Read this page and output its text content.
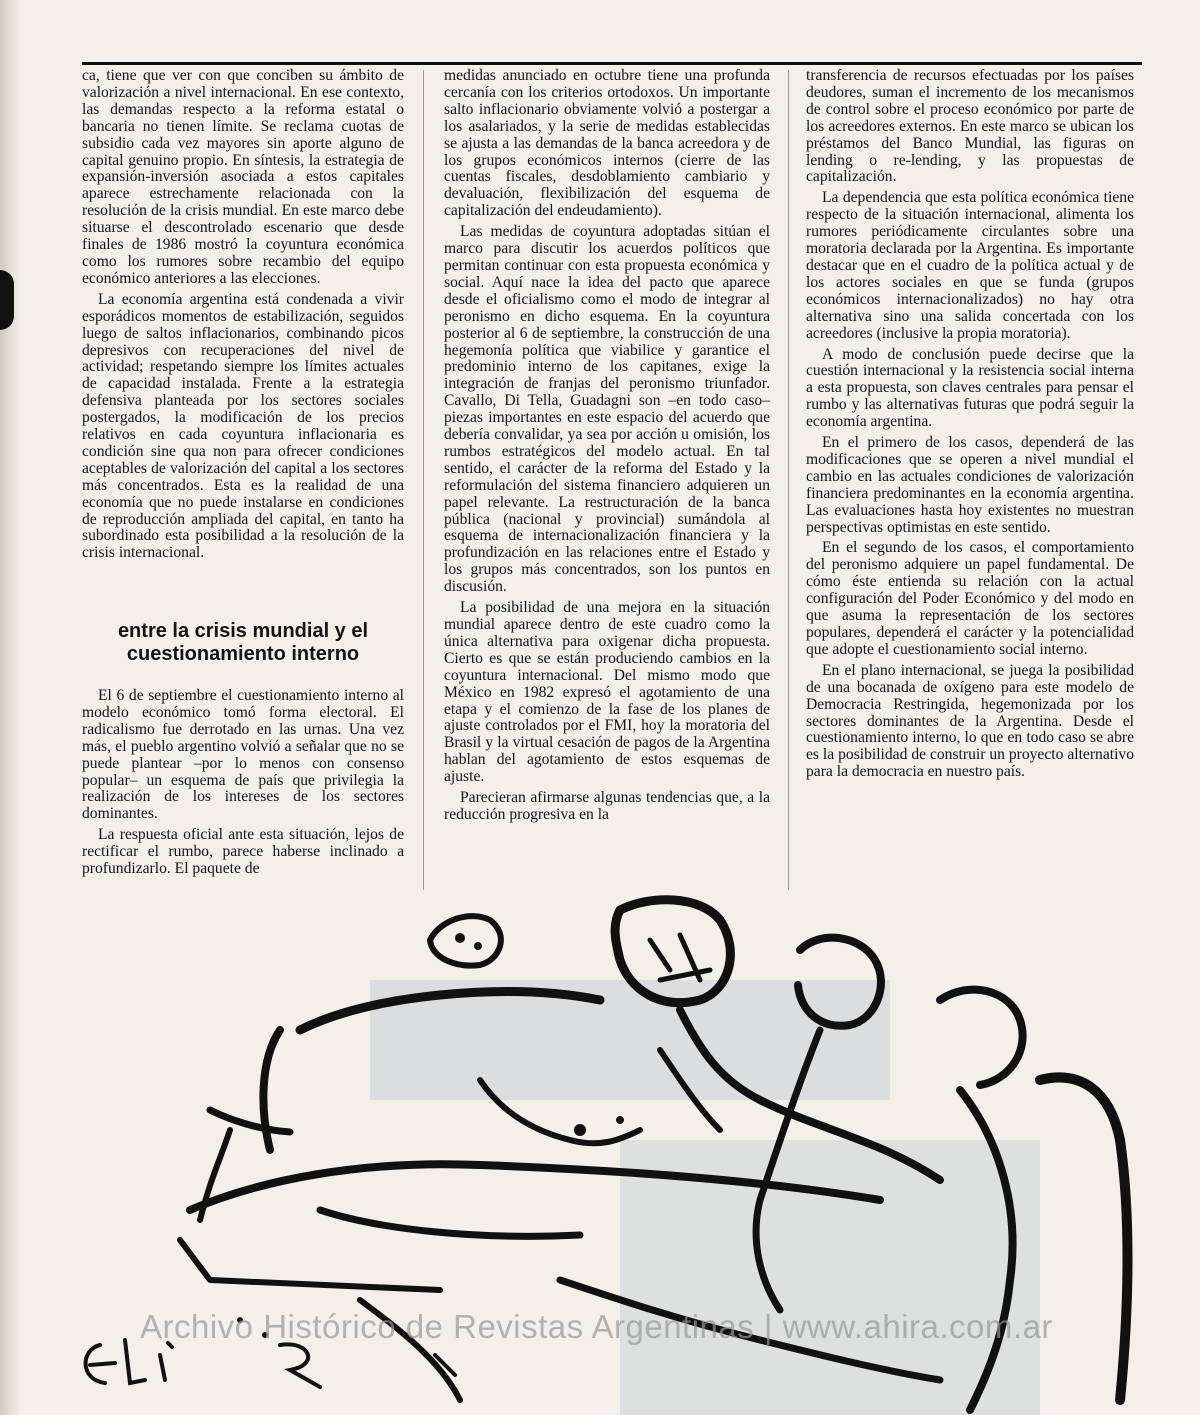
ca, tiene que ver con que conciben su ámbito de valorización a nivel internacional. En ese contexto, las demandas respecto a la reforma estatal o bancaria no tienen límite. Se reclama cuotas de subsidio cada vez mayores sin aporte alguno de capital genuino propio. En síntesis, la estrategia de expansión-inversión asociada a estos capitales aparece estrechamente relacionada con la resolución de la crisis mundial. En este marco debe situarse el descontrolado escenario que desde finales de 1986 mostró la coyuntura económica como los rumores sobre recambio del equipo económico anteriores a las elecciones.

La economía argentina está condenada a vivir esporádicos momentos de estabilización, seguidos luego de saltos inflacionarios, combinando picos depresivos con recuperaciones del nivel de actividad; respetando siempre los límites actuales de capacidad instalada. Frente a la estrategia defensiva planteada por los sectores sociales postergados, la modificación de los precios relativos en cada coyuntura inflacionaria es condición sine qua non para ofrecer condiciones aceptables de valorización del capital a los sectores más concentrados. Esta es la realidad de una economía que no puede instalarse en condiciones de reproducción ampliada del capital, en tanto ha subordinado esta posibilidad a la resolución de la crisis internacional.

entre la crisis mundial y el cuestionamiento interno

El 6 de septiembre el cuestionamiento interno al modelo económico tomó forma electoral. El radicalismo fue derrotado en las urnas. Una vez más, el pueblo argentino volvió a señalar que no se puede plantear –por lo menos con consenso popular– un esquema de país que privilegia la realización de los intereses de los sectores dominantes.

La respuesta oficial ante esta situación, lejos de rectificar el rumbo, parece haberse inclinado a profundizarlo. El paquete de

medidas anunciado en octubre tiene una profunda cercanía con los criterios ortodoxos. Un importante salto inflacionario obviamente volvió a postergar a los asalariados, y la serie de medidas establecidas se ajusta a las demandas de la banca acreedora y de los grupos económicos internos (cierre de las cuentas fiscales, desdoblamiento cambiario y devaluación, flexibilización del esquema de capitalización del endeudamiento).

Las medidas de coyuntura adoptadas sitúan el marco para discutir los acuerdos políticos que permitan continuar con esta propuesta económica y social. Aquí nace la idea del pacto que aparece desde el oficialismo como el modo de integrar al peronismo en dicho esquema. En la coyuntura posterior al 6 de septiembre, la construcción de una hegemonía política que viabilice y garantice el predominio interno de los capitanes, exige la integración de franjas del peronismo triunfador. Cavallo, Di Tella, Guadagni son –en todo caso– piezas importantes en este espacio del acuerdo que debería convalidar, ya sea por acción u omisión, los rumbos estratégicos del modelo actual. En tal sentido, el carácter de la reforma del Estado y la reformulación del sistema financiero adquieren un papel relevante. La restructuración de la banca pública (nacional y provincial) sumándola al esquema de internacionalización financiera y la profundización en las relaciones entre el Estado y los grupos más concentrados, son los puntos en discusión.

La posibilidad de una mejora en la situación mundial aparece dentro de este cuadro como la única alternativa para oxigenar dicha propuesta. Cierto es que se están produciendo cambios en la coyuntura internacional. Del mismo modo que México en 1982 expresó el agotamiento de una etapa y el comienzo de la fase de los planes de ajuste controlados por el FMI, hoy la moratoria del Brasil y la virtual cesación de pagos de la Argentina hablan del agotamiento de estos esquemas de ajuste.

Parecieran afirmarse algunas tendencias que, a la reducción progresiva en la

transferencia de recursos efectuadas por los países deudores, suman el incremento de los mecanismos de control sobre el proceso económico por parte de los acreedores externos. En este marco se ubican los préstamos del Banco Mundial, las figuras on lending o re-lending, y las propuestas de capitalización.

La dependencia que esta política económica tiene respecto de la situación internacional, alimenta los rumores periódicamente circulantes sobre una moratoria declarada por la Argentina. Es importante destacar que en el cuadro de la política actual y de los actores sociales en que se funda (grupos económicos internacionalizados) no hay otra alternativa sino una salida concertada con los acreedores (inclusive la propia moratoria).

A modo de conclusión puede decirse que la cuestión internacional y la resistencia social interna a esta propuesta, son claves centrales para pensar el rumbo y las alternativas futuras que podrá seguir la economía argentina.

En el primero de los casos, dependerá de las modificaciones que se operen a nivel mundial el cambio en las actuales condiciones de valorización financiera predominantes en la economía argentina. Las evaluaciones hasta hoy existentes no muestran perspectivas optimistas en este sentido.

En el segundo de los casos, el comportamiento del peronismo adquiere un papel fundamental. De cómo éste entienda su relación con la actual configuración del Poder Económico y del modo en que asuma la representación de los sectores populares, dependerá el carácter y la potencialidad que adopte el cuestionamiento social interno.

En el plano internacional, se juega la posibilidad de una bocanada de oxígeno para este modelo de Democracia Restringida, hegemonizada por los sectores dominantes de la Argentina. Desde el cuestionamiento interno, lo que en todo caso se abre es la posibilidad de construir un proyecto alternativo para la democracia en nuestro país.

Archivo Histórico de Revistas Argentinas | www.ahira.com.ar
